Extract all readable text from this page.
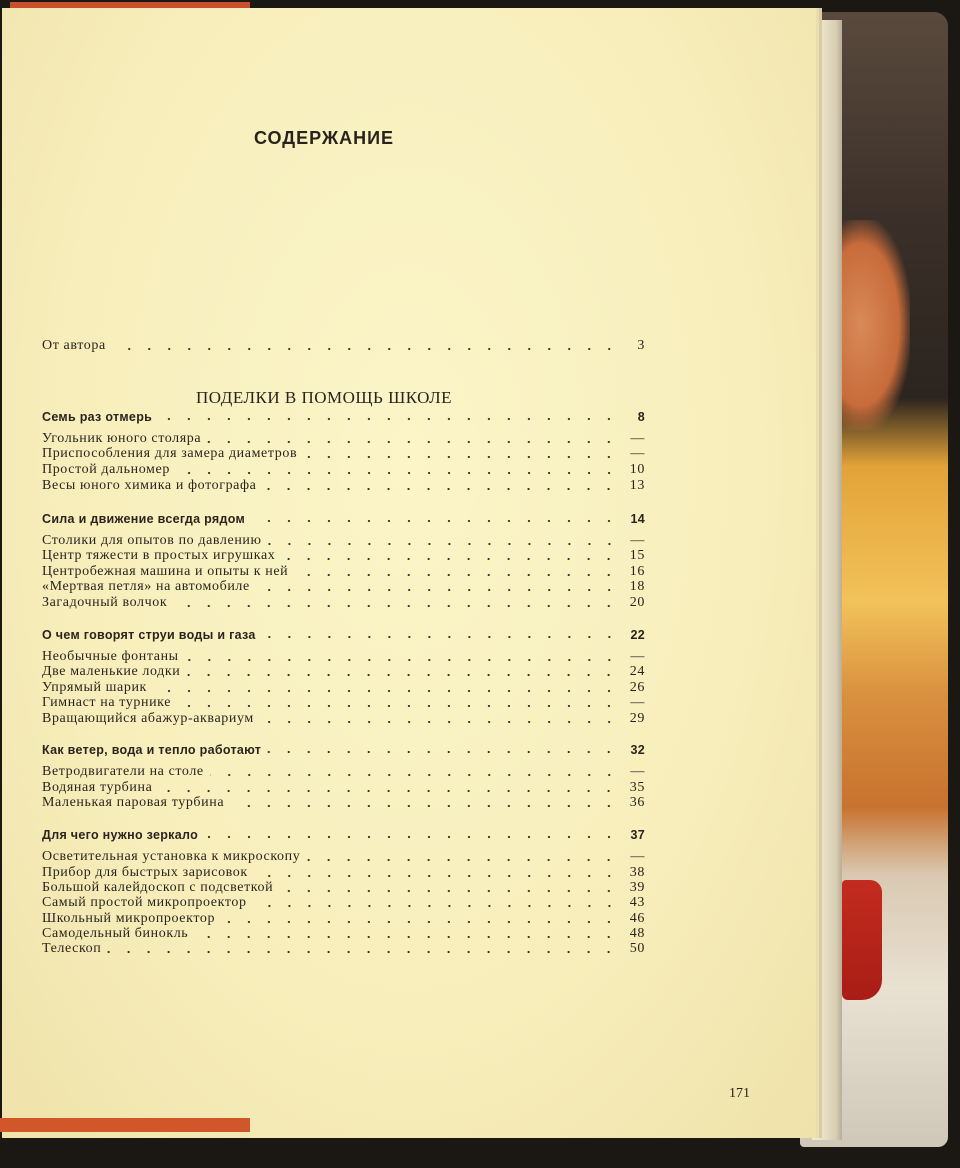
СОДЕРЖАНИЕ
ПОДЕЛКИ В ПОМОЩЬ ШКОЛЕ
От автора	3
Семь раз отмерь	8
Угольник юного столяра	—
Приспособления для замера диаметров	—
Простой дальномер	10
Весы юного химика и фотографа	13
Сила и движение всегда рядом	14
Столики для опытов по давлению	—
Центр тяжести в простых игрушках	15
Центробежная машина и опыты к ней	16
«Мертвая петля» на автомобиле	18
Загадочный волчок	20
О чем говорят струи воды и газа	22
Необычные фонтаны	—
Две маленькие лодки	24
Упрямый шарик	26
Гимнаст на турнике	—
Вращающийся абажур-аквариум	29
Как ветер, вода и тепло работают	32
Ветродвигатели на столе	—
Водяная турбина	35
Маленькая паровая турбина	36
Для чего нужно зеркало	37
Осветительная установка к микроскопу	—
Прибор для быстрых зарисовок	38
Большой калейдоскоп с подсветкой	39
Самый простой микропроектор	43
Школьный микропроектор	46
Самодельный бинокль	48
Телескоп	50
171
